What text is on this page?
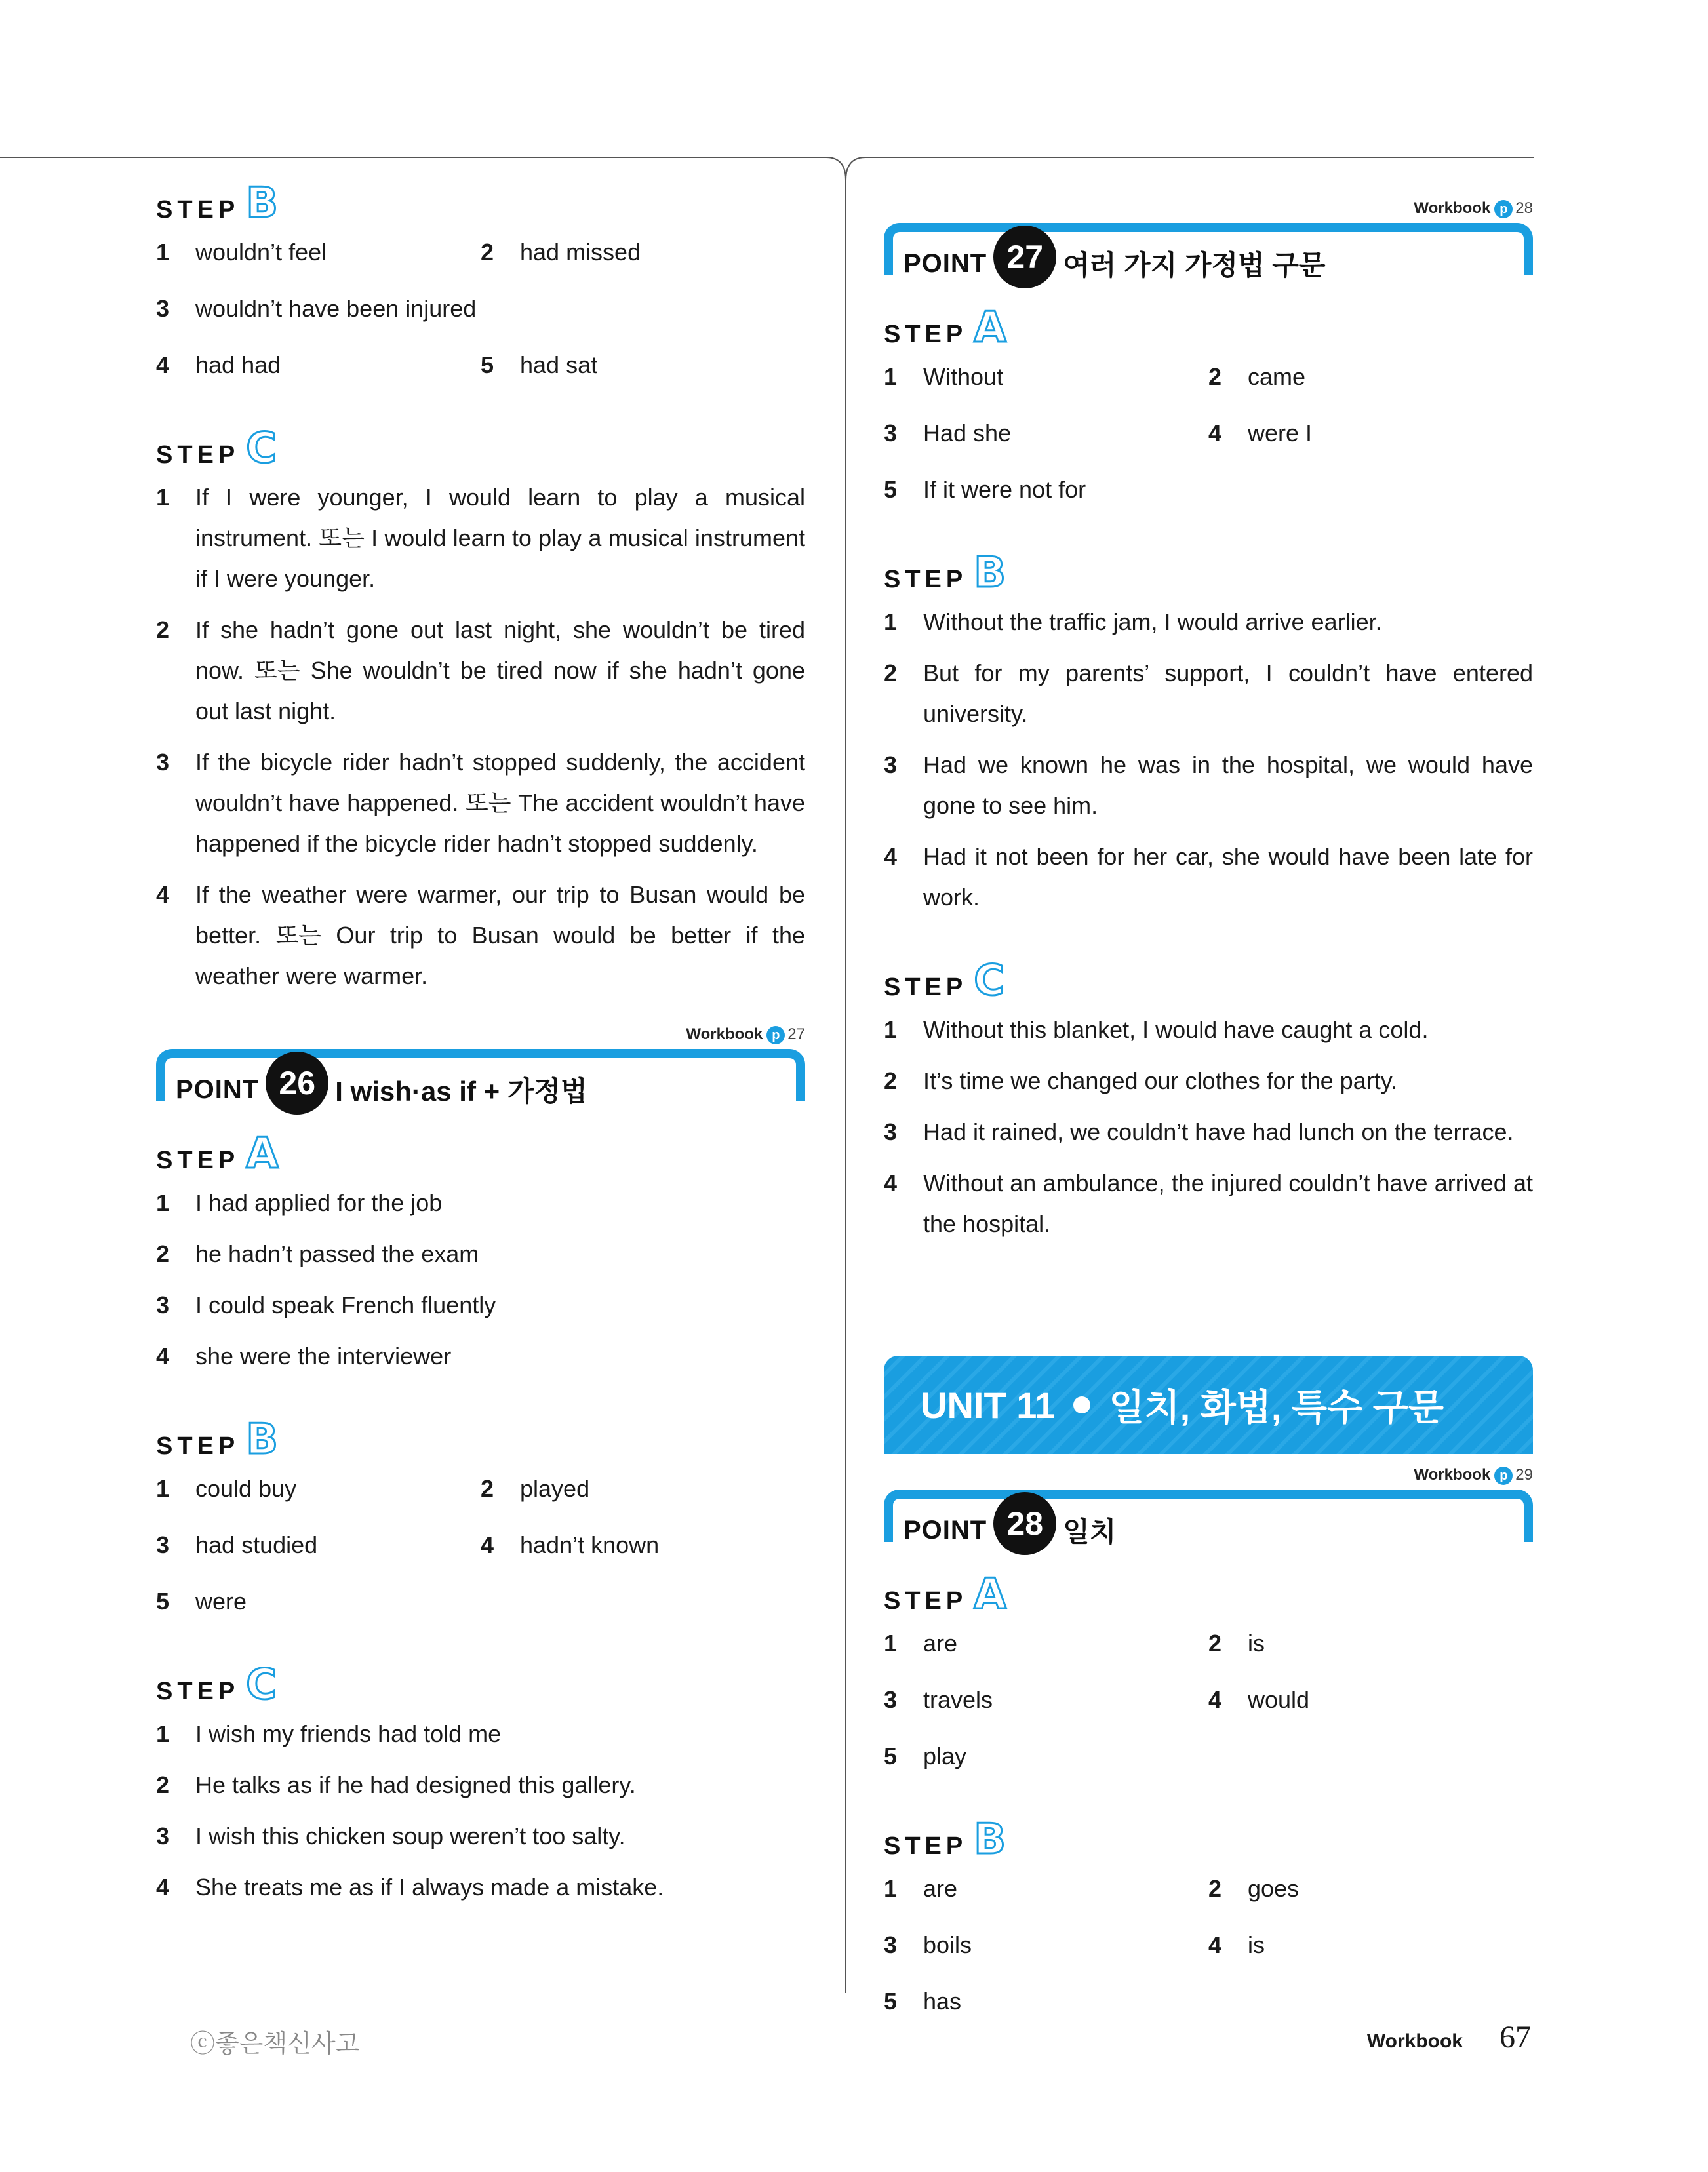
STEP B
1	wouldn’t feel	2	had missed
3	wouldn’t have been injured
4	had had	5	had sat
STEP C
1	If I were younger, I would learn to play a musical instrument. 또는 I would learn to play a musical instrument if I were younger.
2	If she hadn’t gone out last night, she wouldn’t be tired now. 또는 She wouldn’t be tired now if she hadn’t gone out last night.
3	If the bicycle rider hadn’t stopped suddenly, the accident wouldn’t have happened. 또는 The accident wouldn’t have happened if the bicycle rider hadn’t stopped suddenly.
4	If the weather were warmer, our trip to Busan would be better. 또는 Our trip to Busan would be better if the weather were warmer.
Workbook p 27
POINT 26 I wish·as if + 가정법
STEP A
1	I had applied for the job
2	he hadn’t passed the exam
3	I could speak French fluently
4	she were the interviewer
STEP B
1	could buy	2	played
3	had studied	4	hadn’t known
5	were
STEP C
1	I wish my friends had told me
2	He talks as if he had designed this gallery.
3	I wish this chicken soup weren’t too salty.
4	She treats me as if I always made a mistake.
Workbook p 28
POINT 27 여러 가지 가정법 구문
STEP A
1	Without	2	came
3	Had she	4	were I
5	If it were not for
STEP B
1	Without the traffic jam, I would arrive earlier.
2	But for my parents’ support, I couldn’t have entered university.
3	Had we known he was in the hospital, we would have gone to see him.
4	Had it not been for her car, she would have been late for work.
STEP C
1	Without this blanket, I would have caught a cold.
2	It’s time we changed our clothes for the party.
3	Had it rained, we couldn’t have had lunch on the terrace.
4	Without an ambulance, the injured couldn’t have arrived at the hospital.
UNIT 11 일치, 화법, 특수 구문
Workbook p 29
POINT 28 일치
STEP A
1	are	2	is
3	travels	4	would
5	play
STEP B
1	are	2	goes
3	boils	4	is
5	has
ⓒ좋은책신사고	Workbook 67
